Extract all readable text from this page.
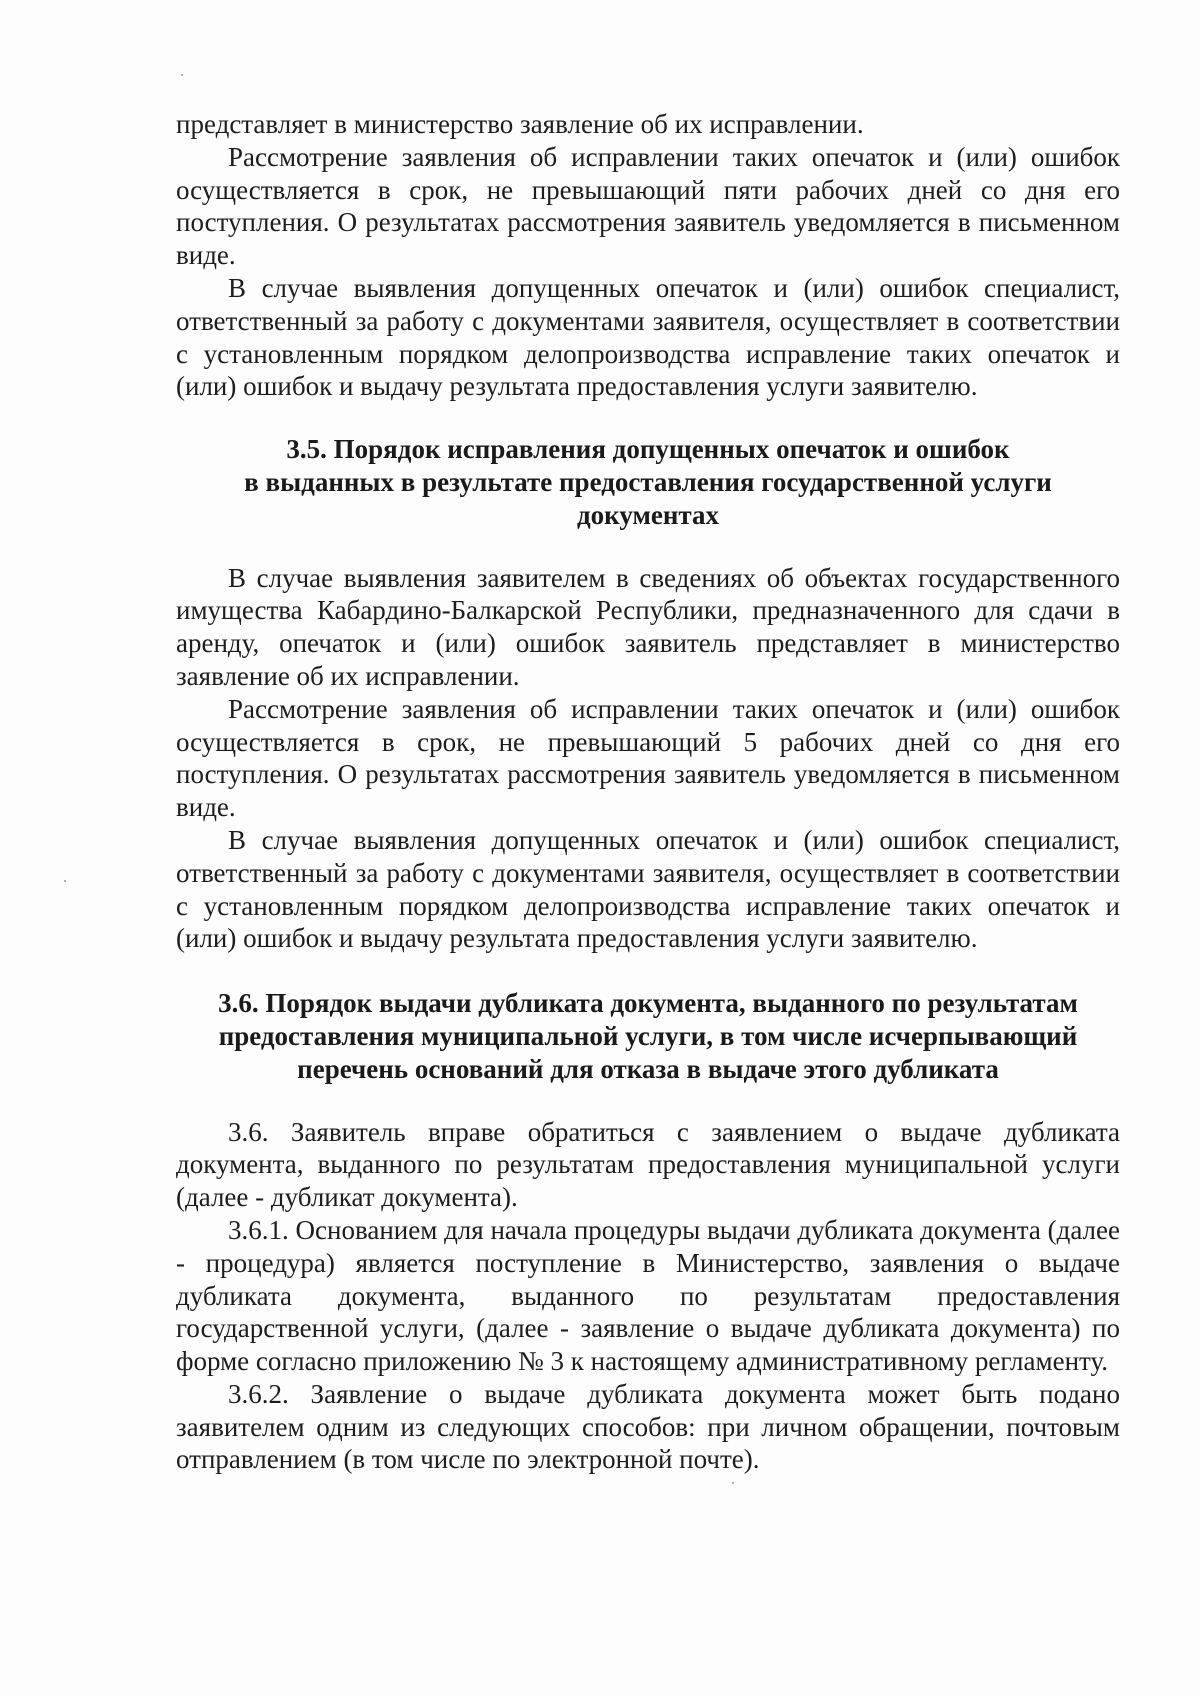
представляет в министерство заявление об их исправлении.

Рассмотрение заявления об исправлении таких опечаток и (или) ошибок осуществляется в срок, не превышающий пяти рабочих дней со дня его поступления. О результатах рассмотрения заявитель уведомляется в письменном виде.

В случае выявления допущенных опечаток и (или) ошибок специалист, ответственный за работу с документами заявителя, осуществляет в соответствии с установленным порядком делопроизводства исправление таких опечаток и (или) ошибок и выдачу результата предоставления услуги заявителю.

3.5. Порядок исправления допущенных опечаток и ошибок
в выданных в результате предоставления государственной услуги
документах

В случае выявления заявителем в сведениях об объектах государственного имущества Кабардино-Балкарской Республики, предназначенного для сдачи в аренду, опечаток и (или) ошибок заявитель представляет в министерство заявление об их исправлении.

Рассмотрение заявления об исправлении таких опечаток и (или) ошибок осуществляется в срок, не превышающий 5 рабочих дней со дня его поступления. О результатах рассмотрения заявитель уведомляется в письменном виде.

В случае выявления допущенных опечаток и (или) ошибок специалист, ответственный за работу с документами заявителя, осуществляет в соответствии с установленным порядком делопроизводства исправление таких опечаток и (или) ошибок и выдачу результата предоставления услуги заявителю.

3.6. Порядок выдачи дубликата документа, выданного по результатам
предоставления муниципальной услуги, в том числе исчерпывающий
перечень оснований для отказа в выдаче этого дубликата

3.6. Заявитель вправе обратиться с заявлением о выдаче дубликата документа, выданного по результатам предоставления муниципальной услуги (далее - дубликат документа).

3.6.1. Основанием для начала процедуры выдачи дубликата документа (далее - процедура) является поступление в Министерство, заявления о выдаче дубликата документа, выданного по результатам предоставления государственной услуги, (далее - заявление о выдаче дубликата документа) по форме согласно приложению № 3 к настоящему административному регламенту.

3.6.2. Заявление о выдаче дубликата документа может быть подано заявителем одним из следующих способов: при личном обращении, почтовым отправлением (в том числе по электронной почте).
